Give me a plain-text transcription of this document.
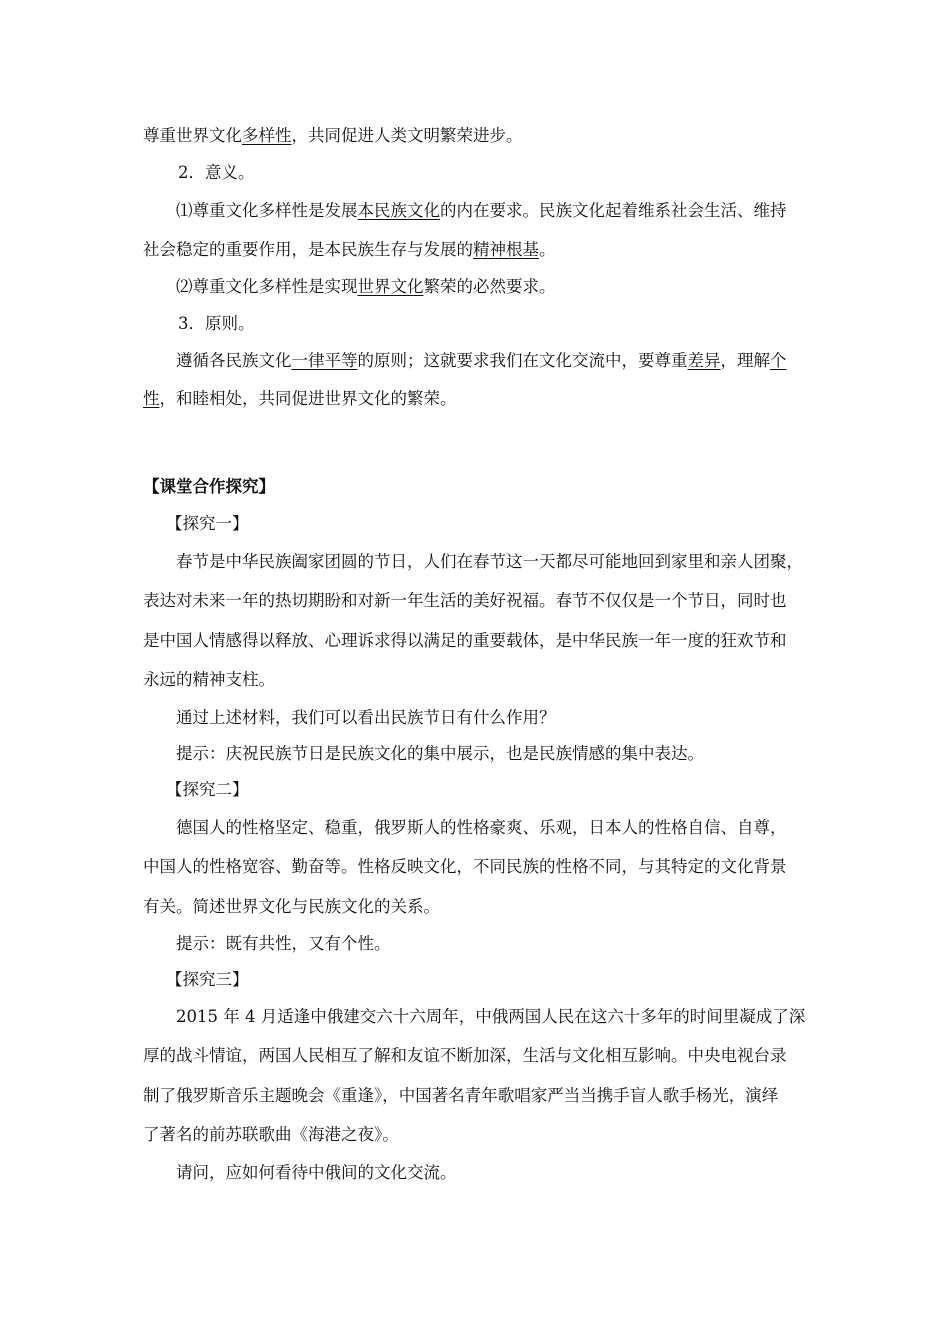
尊重世界文化多样性，共同促进人类文明繁荣进步。
2．意义。
⑴尊重文化多样性是发展本民族文化的内在要求。民族文化起着维系社会生活、维持
社会稳定的重要作用，是本民族生存与发展的精神根基。
⑵尊重文化多样性是实现世界文化繁荣的必然要求。
3．原则。
遵循各民族文化一律平等的原则；这就要求我们在文化交流中，要尊重差异，理解个
性，和睦相处，共同促进世界文化的繁荣。
【课堂合作探究】
【探究一】
春节是中华民族阖家团圆的节日，人们在春节这一天都尽可能地回到家里和亲人团聚，
表达对未来一年的热切期盼和对新一年生活的美好祝福。春节不仅仅是一个节日，同时也
是中国人情感得以释放、心理诉求得以满足的重要载体，是中华民族一年一度的狂欢节和
永远的精神支柱。
通过上述材料，我们可以看出民族节日有什么作用？
提示：庆祝民族节日是民族文化的集中展示，也是民族情感的集中表达。
【探究二】
德国人的性格坚定、稳重，俄罗斯人的性格豪爽、乐观，日本人的性格自信、自尊，
中国人的性格宽容、勤奋等。性格反映文化，不同民族的性格不同，与其特定的文化背景
有关。简述世界文化与民族文化的关系。
提示：既有共性，又有个性。
【探究三】
2015 年 4 月适逢中俄建交六十六周年，中俄两国人民在这六十多年的时间里凝成了深
厚的战斗情谊，两国人民相互了解和友谊不断加深，生活与文化相互影响。中央电视台录
制了俄罗斯音乐主题晚会《重逢》，中国著名青年歌唱家严当当携手盲人歌手杨光，演绎
了著名的前苏联歌曲《海港之夜》。
请问，应如何看待中俄间的文化交流。
